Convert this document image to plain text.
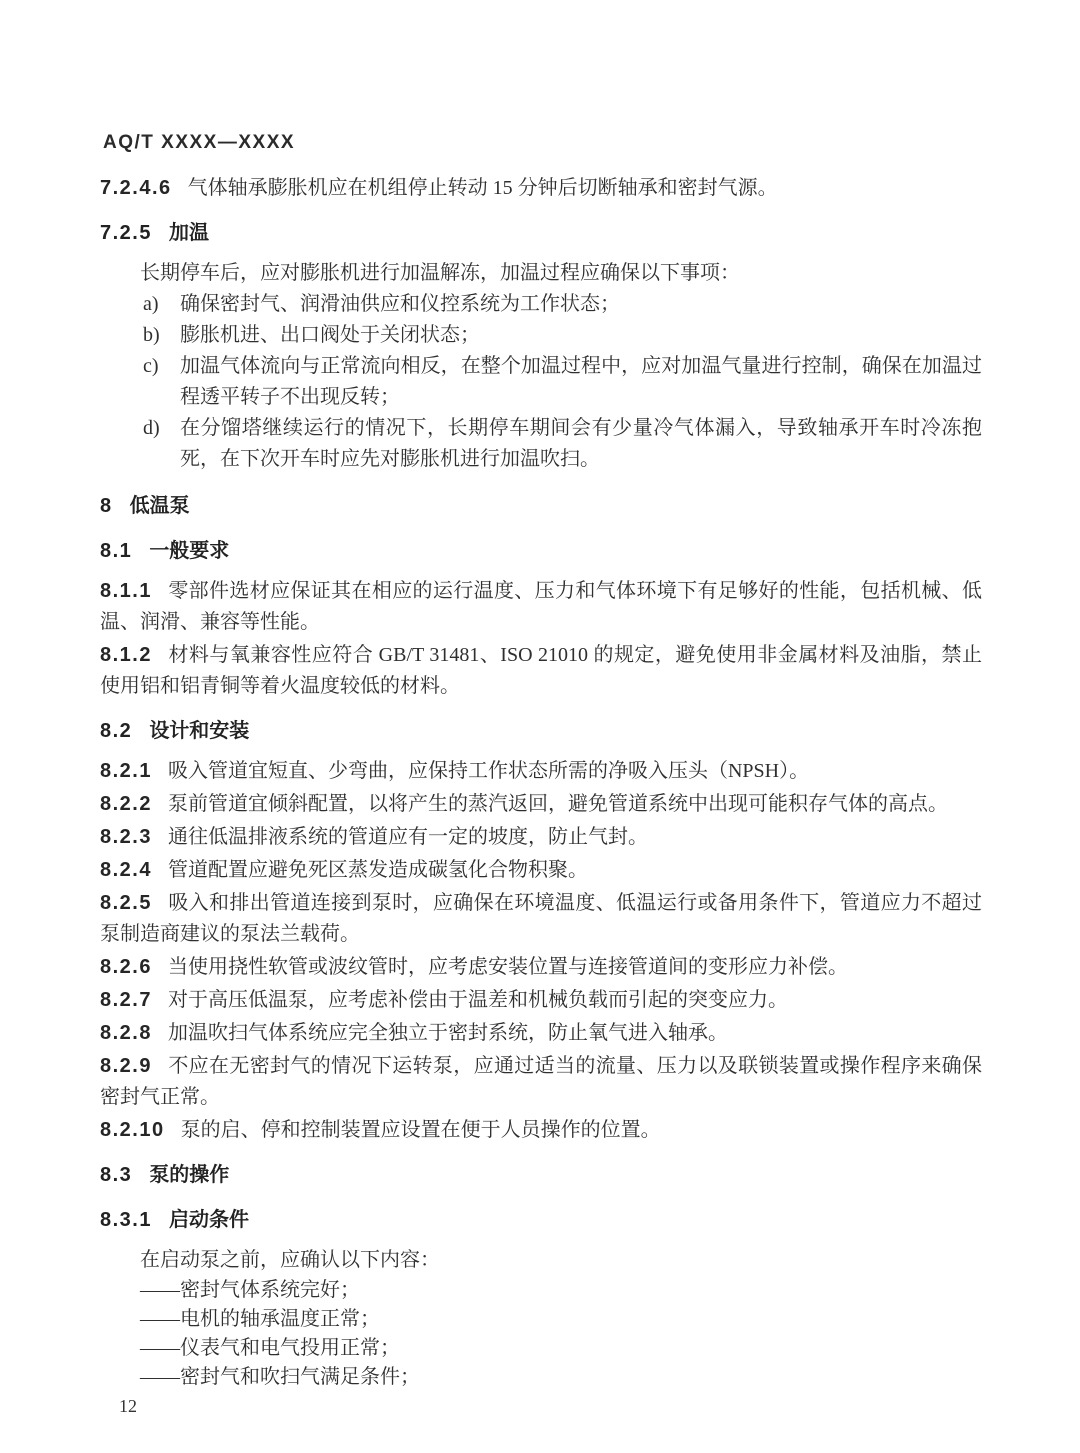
AQ/T XXXX—XXXX
7.2.4.6 气体轴承膨胀机应在机组停止转动 15 分钟后切断轴承和密封气源。
7.2.5 加温
长期停车后，应对膨胀机进行加温解冻，加温过程应确保以下事项：
a) 确保密封气、润滑油供应和仪控系统为工作状态；
b) 膨胀机进、出口阀处于关闭状态；
c) 加温气体流向与正常流向相反，在整个加温过程中，应对加温气量进行控制，确保在加温过程透平转子不出现反转；
d) 在分馏塔继续运行的情况下，长期停车期间会有少量冷气体漏入，导致轴承开车时冷冻抱死，在下次开车时应先对膨胀机进行加温吹扫。
8 低温泵
8.1 一般要求
8.1.1 零部件选材应保证其在相应的运行温度、压力和气体环境下有足够好的性能，包括机械、低温、润滑、兼容等性能。
8.1.2 材料与氧兼容性应符合 GB/T 31481、ISO 21010 的规定，避免使用非金属材料及油脂，禁止使用铝和铝青铜等着火温度较低的材料。
8.2 设计和安装
8.2.1 吸入管道宜短直、少弯曲，应保持工作状态所需的净吸入压头（NPSH）。
8.2.2 泵前管道宜倾斜配置，以将产生的蒸汽返回，避免管道系统中出现可能积存气体的高点。
8.2.3 通往低温排液系统的管道应有一定的坡度，防止气封。
8.2.4 管道配置应避免死区蒸发造成碳氢化合物积聚。
8.2.5 吸入和排出管道连接到泵时，应确保在环境温度、低温运行或备用条件下，管道应力不超过泵制造商建议的泵法兰载荷。
8.2.6 当使用挠性软管或波纹管时，应考虑安装位置与连接管道间的变形应力补偿。
8.2.7 对于高压低温泵，应考虑补偿由于温差和机械负载而引起的突变应力。
8.2.8 加温吹扫气体系统应完全独立于密封系统，防止氧气进入轴承。
8.2.9 不应在无密封气的情况下运转泵，应通过适当的流量、压力以及联锁装置或操作程序来确保密封气正常。
8.2.10 泵的启、停和控制装置应设置在便于人员操作的位置。
8.3 泵的操作
8.3.1 启动条件
在启动泵之前，应确认以下内容：
——密封气体系统完好；
——电机的轴承温度正常；
——仪表气和电气投用正常；
——密封气和吹扫气满足条件；
12
